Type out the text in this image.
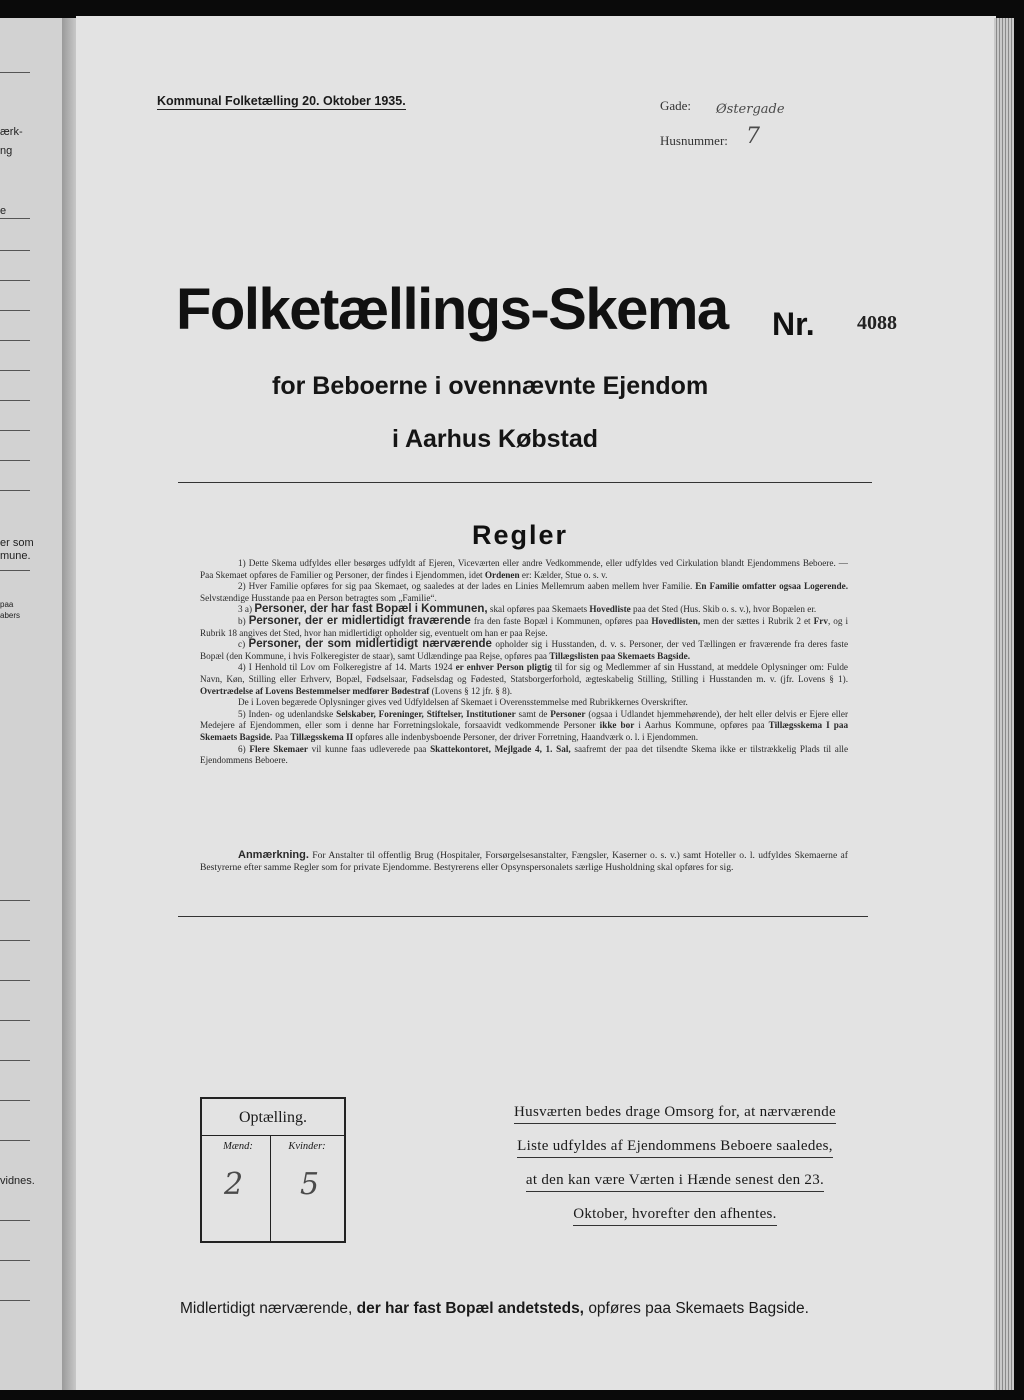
ærk-
ng
e
er som
mune.
paa
abers
vidnes.
Kommunal Folketælling 20. Oktober 1935.	Gade: Østergade
Husnummer: 7
Folketællings-Skema Nr. 4088
for Beboerne i ovennævnte Ejendom
i Aarhus Købstad
Regler

1) Dette Skema udfyldes eller besørges udfyldt af Ejeren, Viceværten eller andre Vedkommende, eller udfyldes ved Cirkulation blandt Ejendommens Beboere. — Paa Skemaet opføres de Familier og Personer, der findes i Ejendommen, idet Ordenen er: Kælder, Stue o. s. v.

2) Hver Familie opføres for sig paa Skemaet, og saaledes at der lades en Linies Mellemrum aaben mellem hver Familie. En Familie omfatter ogsaa Logerende. Selvstændige Husstande paa en Person betragtes som „Familie“.

3 a) Personer, der har fast Bopæl i Kommunen, skal opføres paa Skemaets Hovedliste paa det Sted (Hus. Skib o. s. v.), hvor Bopælen er.

b) Personer, der er midlertidigt fraværende fra den faste Bopæl i Kommunen, opføres paa Hovedlisten, men der sættes i Rubrik 2 et Frv, og i Rubrik 18 angives det Sted, hvor han midlertidigt opholder sig, eventuelt om han er paa Rejse.

c) Personer, der som midlertidigt nærværende opholder sig i Husstanden, d. v. s. Personer, der ved Tællingen er fraværende fra deres faste Bopæl (den Kommune, i hvis Folkeregister de staar), samt Udlændinge paa Rejse, opføres paa Tillægslisten paa Skemaets Bagside.

4) I Henhold til Lov om Folkeregistre af 14. Marts 1924 er enhver Person pligtig til for sig og Medlemmer af sin Husstand, at meddele Oplysninger om: Fulde Navn, Køn, Stilling eller Erhverv, Bopæl, Fødselsaar, Fødselsdag og Fødested, Statsborgerforhold, ægteskabelig Stilling, Stilling i Husstanden m. v. (jfr. Lovens § 1). Overtrædelse af Lovens Bestemmelser medfører Bødestraf (Lovens § 12 jfr. § 8).

De i Loven begærede Oplysninger gives ved Udfyldelsen af Skemaet i Overensstemmelse med Rubrikkernes Overskrifter.

5) Inden- og udenlandske Selskaber, Foreninger, Stiftelser, Institutioner samt de Personer (ogsaa i Udlandet hjemmehørende), der helt eller delvis er Ejere eller Medejere af Ejendommen, eller som i denne har Forretningslokale, forsaavidt vedkommende Personer ikke bor i Aarhus Kommune, opføres paa Tillægsskema I paa Skemaets Bagside. Paa Tillægsskema II opføres alle indenbysboende Personer, der driver Forretning, Haandværk o. l. i Ejendommen.

6) Flere Skemaer vil kunne faas udleverede paa Skattekontoret, Mejlgade 4, 1. Sal, saafremt der paa det tilsendte Skema ikke er tilstrækkelig Plads til alle Ejendommens Beboere.

Anmærkning. For Anstalter til offentlig Brug (Hospitaler, Forsørgelsesanstalter, Fængsler, Kaserner o. s. v.) samt Hoteller o. l. udfyldes Skemaerne af Bestyrerne efter samme Regler som for private Ejendomme. Bestyrerens eller Opsynspersonalets særlige Husholdning skal opføres for sig.
Optælling.
Mænd:	Kvinder:
2 5
Husværten bedes drage Omsorg for, at nærværende
Liste udfyldes af Ejendommens Beboere saaledes,
at den kan være Værten i Hænde senest den 23.
Oktober, hvorefter den afhentes.
Midlertidigt nærværende, der har fast Bopæl andetsteds, opføres paa Skemaets Bagside.
